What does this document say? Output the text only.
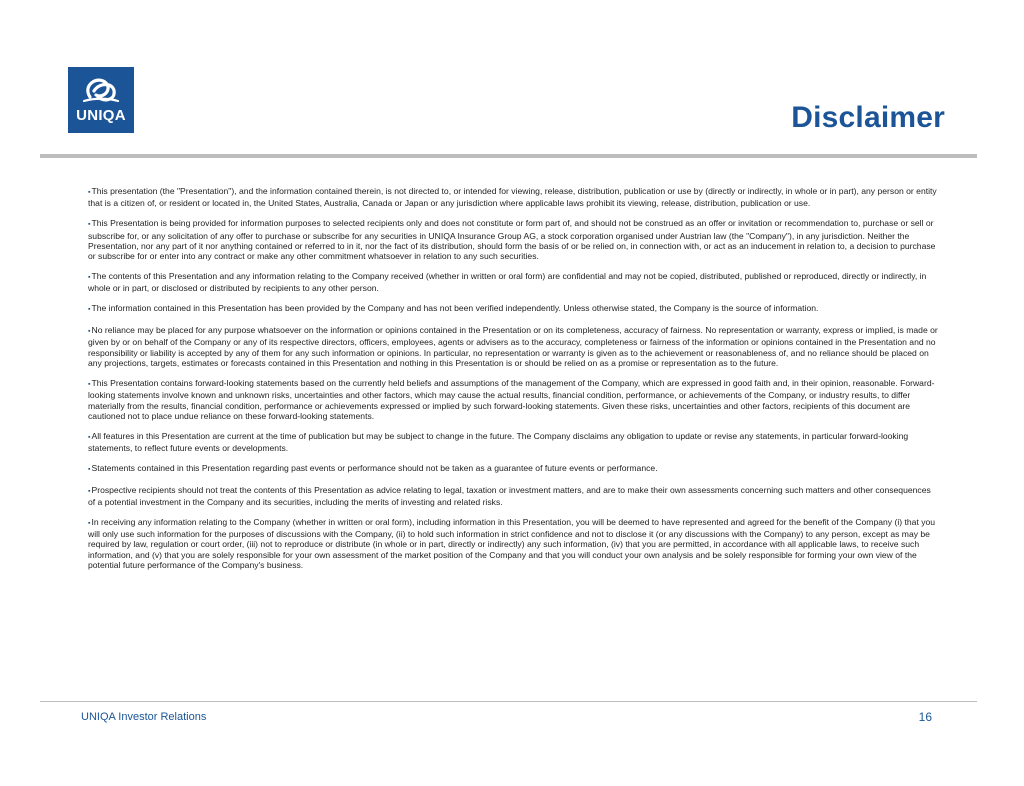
UNIQA	Disclaimer

▪This presentation (the "Presentation"), and the information contained therein, is not directed to, or intended for viewing, release, distribution, publication or use by (directly or indirectly, in whole or in part), any person or entity that is a citizen of, or resident or located in, the United States, Australia, Canada or Japan or any jurisdiction where applicable laws prohibit its viewing, release, distribution, publication or use.

▪This Presentation is being provided for information purposes to selected recipients only and does not constitute or form part of, and should not be construed as an offer or invitation or recommendation to, purchase or sell or subscribe for, or any solicitation of any offer to purchase or subscribe for any securities in UNIQA Insurance Group AG, a stock corporation organised under Austrian law (the "Company"), in any jurisdiction. Neither the Presentation, nor any part of it nor anything contained or referred to in it, nor the fact of its distribution, should form the basis of or be relied on, in connection with, or act as an inducement in relation to, a decision to purchase or subscribe for or enter into any contract or make any other commitment whatsoever in relation to any such securities.

▪The contents of this Presentation and any information relating to the Company received (whether in written or oral form) are confidential and may not be copied, distributed, published or reproduced, directly or indirectly, in whole or in part, or disclosed or distributed by recipients to any other person.

▪The information contained in this Presentation has been provided by the Company and has not been verified independently. Unless otherwise stated, the Company is the source of information.

▪No reliance may be placed for any purpose whatsoever on the information or opinions contained in the Presentation or on its completeness, accuracy of fairness. No representation or warranty, express or implied, is made or given by or on behalf of the Company or any of its respective directors, officers, employees, agents or advisers as to the accuracy, completeness or fairness of the information or opinions contained in the Presentation and no responsibility or liability is accepted by any of them for any such information or opinions. In particular, no representation or warranty is given as to the achievement or reasonableness of, and no reliance should be placed on any projections, targets, estimates or forecasts contained in this Presentation and nothing in this Presentation is or should be relied on as a promise or representation as to the future.

▪This Presentation contains forward-looking statements based on the currently held beliefs and assumptions of the management of the Company, which are expressed in good faith and, in their opinion, reasonable. Forward-looking statements involve known and unknown risks, uncertainties and other factors, which may cause the actual results, financial condition, performance, or achievements of the Company, or industry results, to differ materially from the results, financial condition, performance or achievements expressed or implied by such forward-looking statements. Given these risks, uncertainties and other factors, recipients of this document are cautioned not to place undue reliance on these forward-looking statements.

▪All features in this Presentation are current at the time of publication but may be subject to change in the future. The Company disclaims any obligation to update or revise any statements, in particular forward-looking statements, to reflect future events or developments.

▪Statements contained in this Presentation regarding past events or performance should not be taken as a guarantee of future events or performance.

▪Prospective recipients should not treat the contents of this Presentation as advice relating to legal, taxation or investment matters, and are to make their own assessments concerning such matters and other consequences of a potential investment in the Company and its securities, including the merits of investing and related risks.

▪In receiving any information relating to the Company (whether in written or oral form), including information in this Presentation, you will be deemed to have represented and agreed for the benefit of the Company (i) that you will only use such information for the purposes of discussions with the Company, (ii) to hold such information in strict confidence and not to disclose it (or any discussions with the Company) to any person, except as may be required by law, regulation or court order, (iii) not to reproduce or distribute (in whole or in part, directly or indirectly) any such information, (iv) that you are permitted, in accordance with all applicable laws, to receive such information, and (v) that you are solely responsible for your own assessment of the market position of the Company and that you will conduct your own analysis and be solely responsible for forming your own view of the potential future performance of the Company's business.

UNIQA Investor Relations	16
